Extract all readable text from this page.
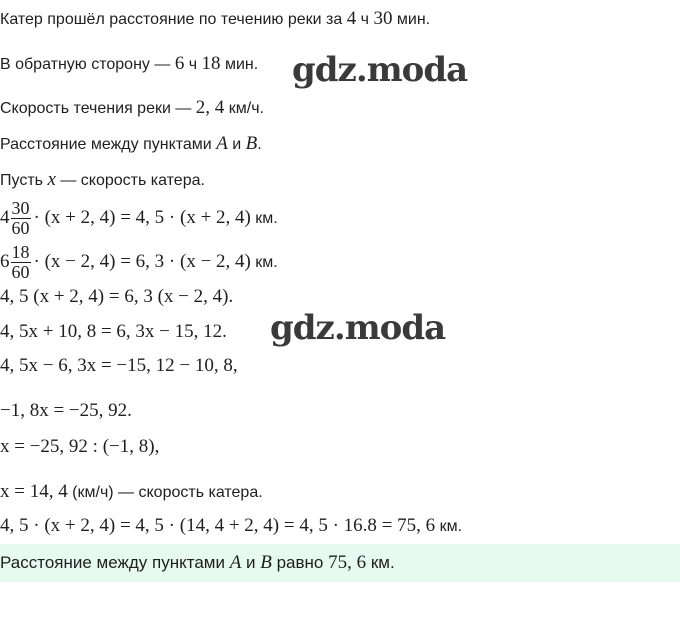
Катер прошёл расстояние по течению реки за 4 ч 30 мин.
В обратную сторону — 6 ч 18 мин.
Скорость течения реки — 2, 4 км/ч.
Расстояние между пунктами A и B.
Пусть x — скорость катера.
$4 \frac{30}{60} \cdot (x + 2$, 4) = 4, 5 · (x + 2, 4) км.
$6 \frac{18}{60} \cdot (x - 2$, 4) = 6, 3 · (x − 2, 4) км.
4, 5 (x + 2, 4) = 6, 3 (x − 2, 4).
4, 5x + 10, 8 = 6, 3x − 15, 12.
4, 5x − 6, 3x = −15, 12 − 10, 8,
−1, 8x = −25, 92.
x = −25, 92 : (−1, 8),
x = 14, 4 (км/ч) — скорость катера.
4, 5 · (x + 2, 4) = 4, 5 · (14, 4 + 2, 4) = 4, 5 · 16.8 = 75, 6 км.
Расстояние между пунктами A и B равно 75, 6 км.
gdz.moda
gdz.moda
